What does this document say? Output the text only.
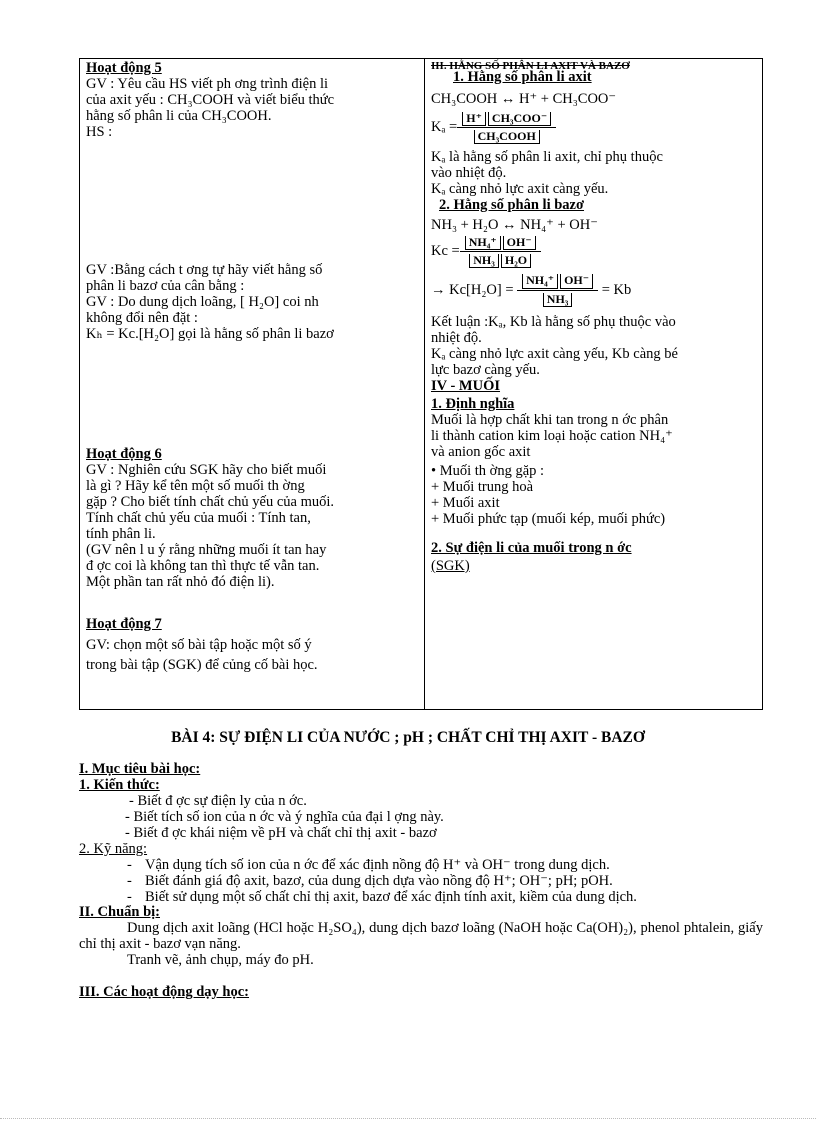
Hoạt động 5
GV : Yêu cầu HS viết ph ơng trình điện li
của axit yếu : CH₃COOH và viết biểu thức
hằng số phân li của CH₃COOH.
HS :
GV :Bằng cách t ơng tự hãy viết hằng số
phân li bazơ của cân bằng :
GV : Do dung dịch loãng, [ H₂O] coi nh
không đổi nên đặt :
Kₕ = Kc.[H₂O] gọi là hằng số phân li bazơ
Hoạt động 6
GV : Nghiên cứu SGK hãy cho biết muối
là gì ? Hãy kể tên một số muối th ờng
gặp ? Cho biết tính chất chủ yếu của muối.
Tính chất chủ yếu của muối : Tính tan,
tính phân li.
(GV nên l u ý rằng những muối ít tan hay
đ ợc coi là không tan thì thực tế vẫn tan.
Một phần tan rất nhỏ đó điện li).
Hoạt động 7
GV: chọn một số bài tập hoặc một số ý
trong bài tập (SGK) để củng cố bài học.
III. HẰNG SỐ PHÂN LI AXIT VÀ BAZƠ
1. Hằng số phân li axit
CH₃COOH ↔ H⁺ + CH₃COO⁻
$K_a = \frac{\text{H⁺ CH₃COO⁻}}{\text{CH₃COOH}}$
Kₐ là hằng số phân li axit, chỉ phụ thuộc
vào nhiệt độ.
Kₐ càng nhỏ lực axit càng yếu.
2. Hằng số phân li bazơ
NH₃ + H₂O ↔ NH₄⁺ + OH⁻
$Kc = \frac{\text{NH₄⁺ OH⁻}}{\text{NH₃ H₂O}}$
→ Kc[H₂O] =
$\frac{\text{NH₄⁺ OH⁻}}{\text{NH₃}}$
= Kb
Kết luận :Kₐ, Kb là hằng số phụ thuộc vào
nhiệt độ.
Kₐ càng nhỏ lực axit càng yếu, Kb càng bé
lực bazơ càng yếu.
IV - MUỐI
1. Định nghĩa
Muối là hợp chất khi tan trong n ớc phân
li thành cation kim loại hoặc cation NH₄⁺
và anion gốc axit
• Muối th ờng gặp :
+ Muối trung hoà
+ Muối axit
+ Muối phức tạp (muối kép, muối phức)
2. Sự điện li của muối trong n ớc
(SGK)
BÀI 4: SỰ ĐIỆN LI CỦA NƯỚC ; pH ; CHẤT CHỈ THỊ AXIT - BAZƠ
I. Mục tiêu bài học:
1. Kiến thức:
- Biết đ ợc sự điện ly của n ớc.
- Biết tích số ion của n ớc và ý nghĩa của đại l ợng này.
- Biết đ ợc khái niệm về pH và chất chỉ thị axit - bazơ
2. Kỹ năng:
- Vận dụng tích số ion của n ớc để xác định nồng độ H⁺ và OH⁻ trong dung dịch.
- Biết đánh giá độ axit, bazơ, của dung dịch dựa vào nồng độ H⁺; OH⁻; pH; pOH.
- Biết sử dụng một số chất chỉ thị axit, bazơ để xác định tính axit, kiềm của dung dịch.
II. Chuẩn bị:
Dung dịch axit loãng (HCl hoặc H₂SO₄), dung dịch bazơ loãng (NaOH hoặc Ca(OH)₂), phenol phtalein, giấy chỉ thị axit - bazơ vạn năng.
Tranh vẽ, ảnh chụp, máy đo pH.
III. Các hoạt động dạy học:
